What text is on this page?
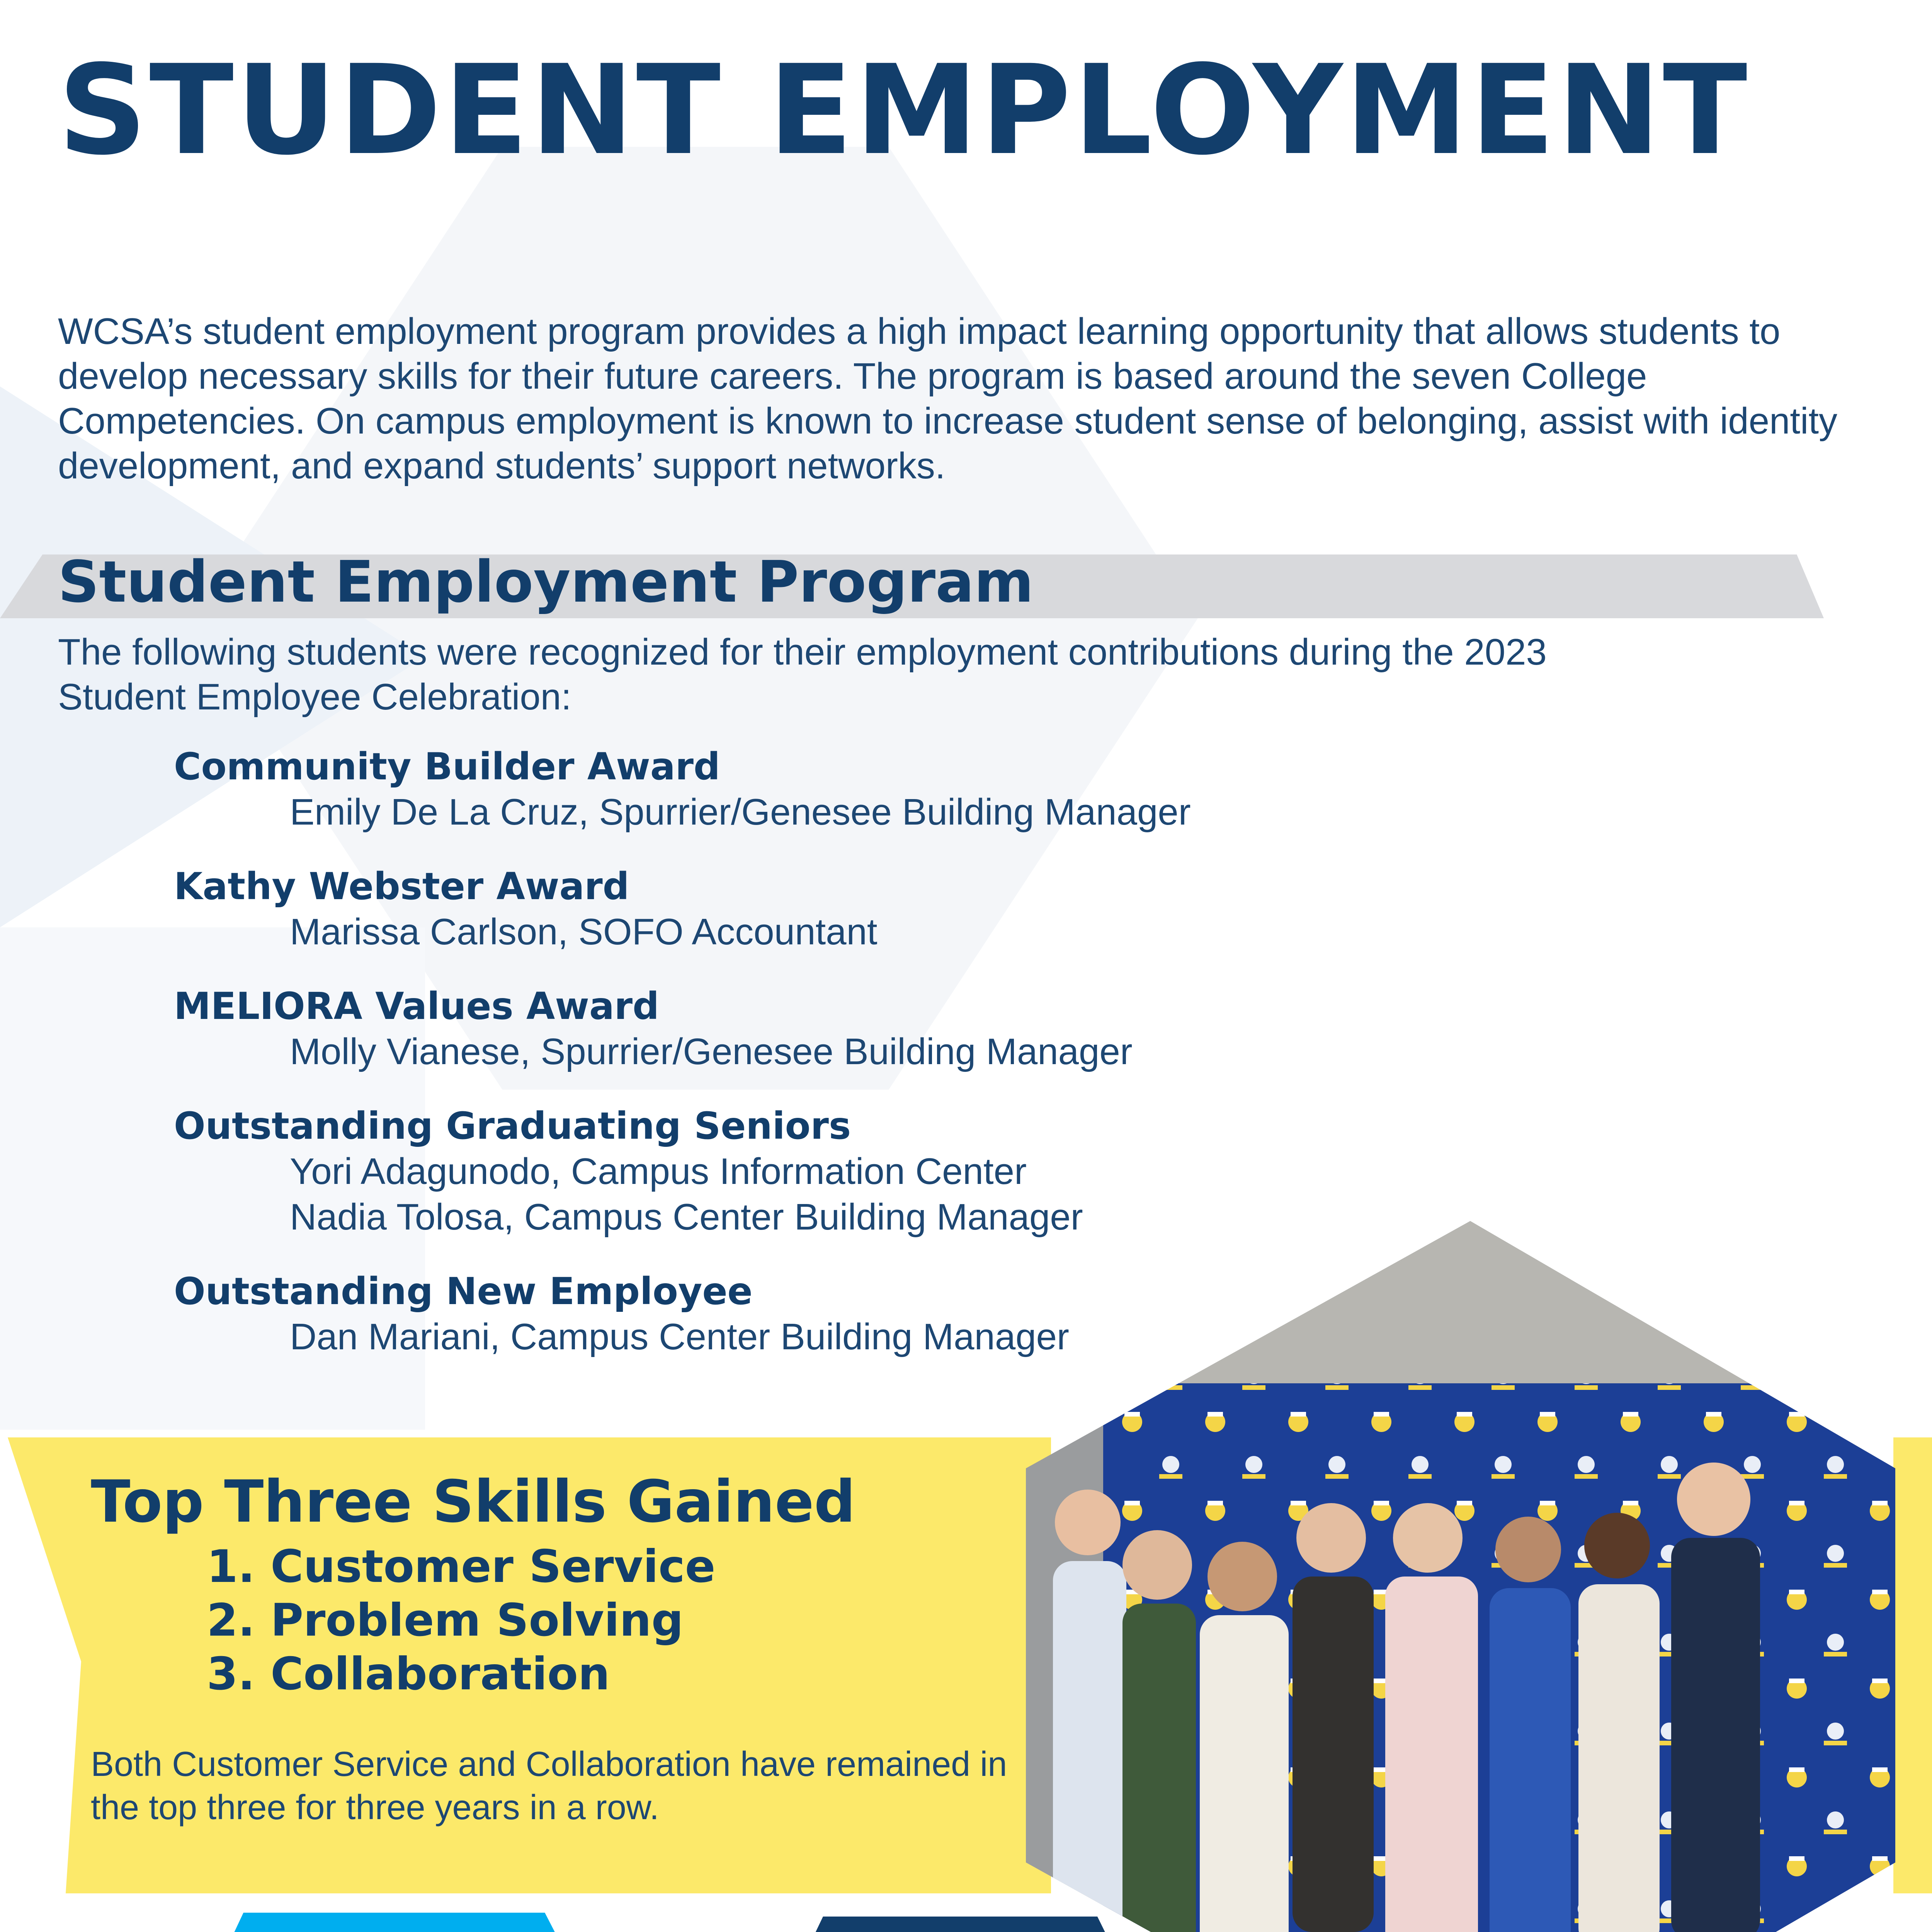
STUDENT EMPLOYMENT
WCSA’s student employment program provides a high impact learning opportunity that allows students to develop necessary skills for their future careers. The program is based around the seven College Competencies. On campus employment is known to increase student sense of belonging, assist with identity development, and expand students’ support networks.
Student Employment Program
The following students were recognized for their employment contributions during the 2023 Student Employee Celebration:
Community Builder Award
Emily De La Cruz, Spurrier/Genesee Building Manager
Kathy Webster Award
Marissa Carlson, SOFO Accountant
MELIORA Values Award
Molly Vianese, Spurrier/Genesee Building Manager
Outstanding Graduating Seniors
Yori Adagunodo, Campus Information Center
Nadia Tolosa, Campus Center Building Manager
Outstanding New Employee
Dan Mariani, Campus Center Building Manager
Top Three Skills Gained
1. Customer Service
2. Problem Solving
3. Collaboration
Both Customer Service and Collaboration have remained in the top three for three years in a row.
